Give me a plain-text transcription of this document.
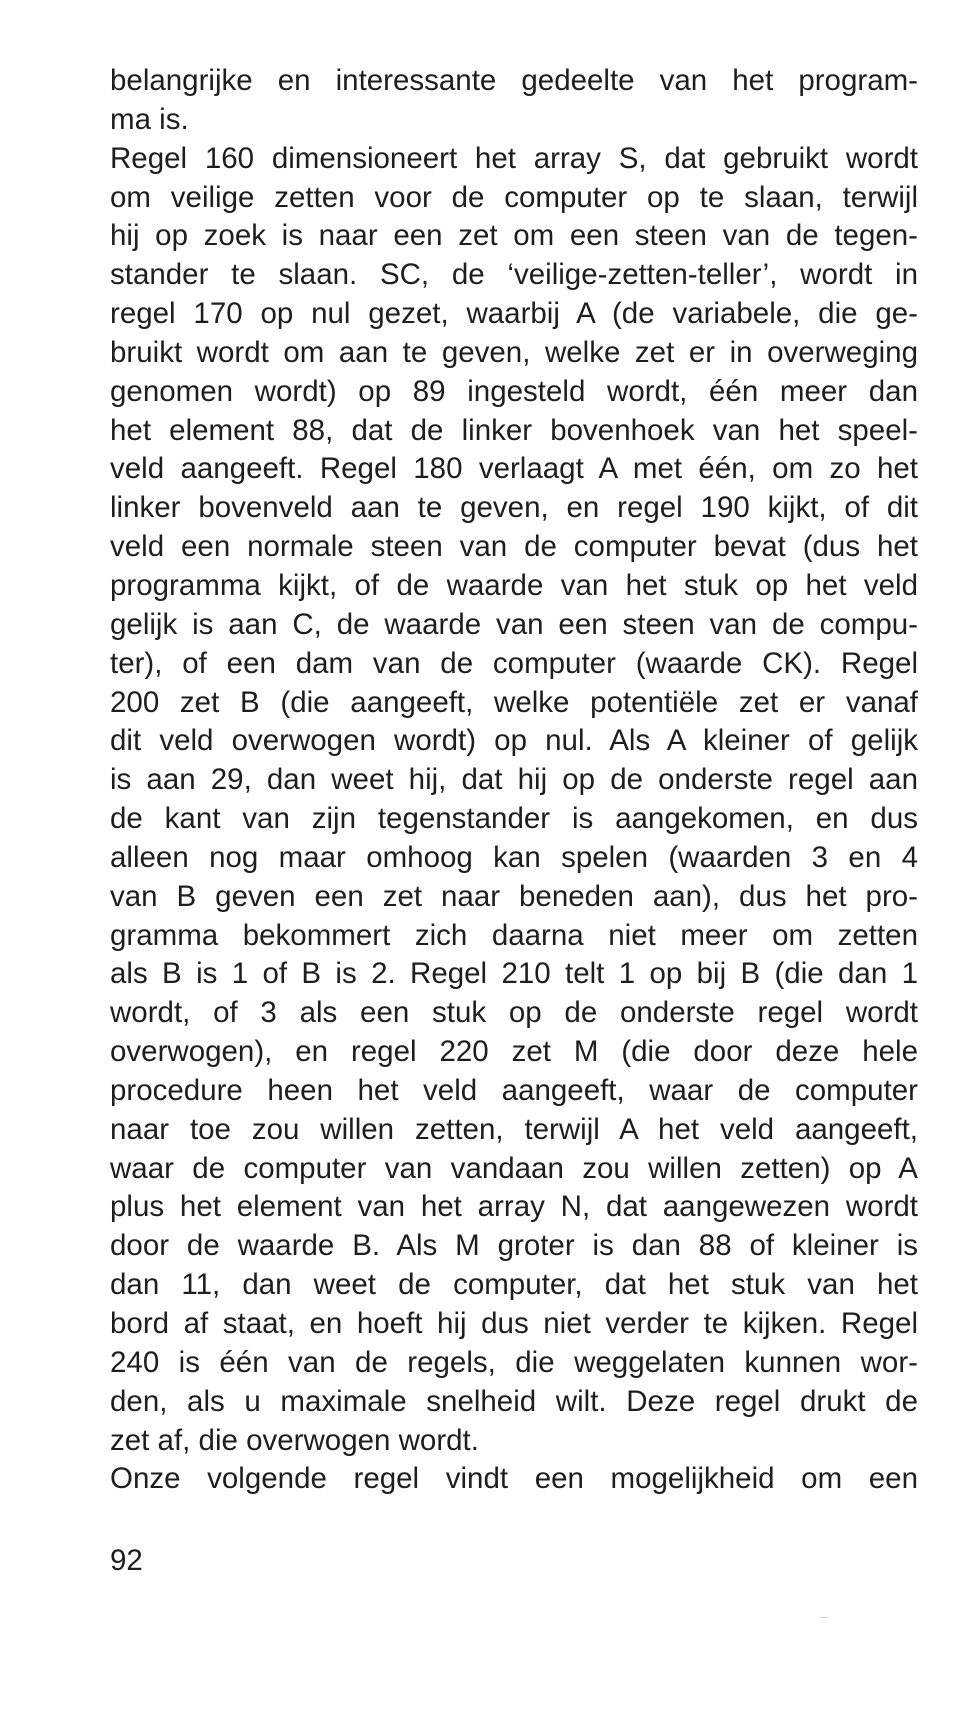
belangrijke en interessante gedeelte van het program-
ma is.
Regel 160 dimensioneert het array S, dat gebruikt wordt
om veilige zetten voor de computer op te slaan, terwijl
hij op zoek is naar een zet om een steen van de tegen-
stander te slaan. SC, de ‘veilige-zetten-teller’, wordt in
regel 170 op nul gezet, waarbij A (de variabele, die ge-
bruikt wordt om aan te geven, welke zet er in overweging
genomen wordt) op 89 ingesteld wordt, één meer dan
het element 88, dat de linker bovenhoek van het speel-
veld aangeeft. Regel 180 verlaagt A met één, om zo het
linker bovenveld aan te geven, en regel 190 kijkt, of dit
veld een normale steen van de computer bevat (dus het
programma kijkt, of de waarde van het stuk op het veld
gelijk is aan C, de waarde van een steen van de compu-
ter), of een dam van de computer (waarde CK). Regel
200 zet B (die aangeeft, welke potentiële zet er vanaf
dit veld overwogen wordt) op nul. Als A kleiner of gelijk
is aan 29, dan weet hij, dat hij op de onderste regel aan
de kant van zijn tegenstander is aangekomen, en dus
alleen nog maar omhoog kan spelen (waarden 3 en 4
van B geven een zet naar beneden aan), dus het pro-
gramma bekommert zich daarna niet meer om zetten
als B is 1 of B is 2. Regel 210 telt 1 op bij B (die dan 1
wordt, of 3 als een stuk op de onderste regel wordt
overwogen), en regel 220 zet M (die door deze hele
procedure heen het veld aangeeft, waar de computer
naar toe zou willen zetten, terwijl A het veld aangeeft,
waar de computer van vandaan zou willen zetten) op A
plus het element van het array N, dat aangewezen wordt
door de waarde B. Als M groter is dan 88 of kleiner is
dan 11, dan weet de computer, dat het stuk van het
bord af staat, en hoeft hij dus niet verder te kijken. Regel
240 is één van de regels, die weggelaten kunnen wor-
den, als u maximale snelheid wilt. Deze regel drukt de
zet af, die overwogen wordt.
Onze volgende regel vindt een mogelijkheid om een
92
